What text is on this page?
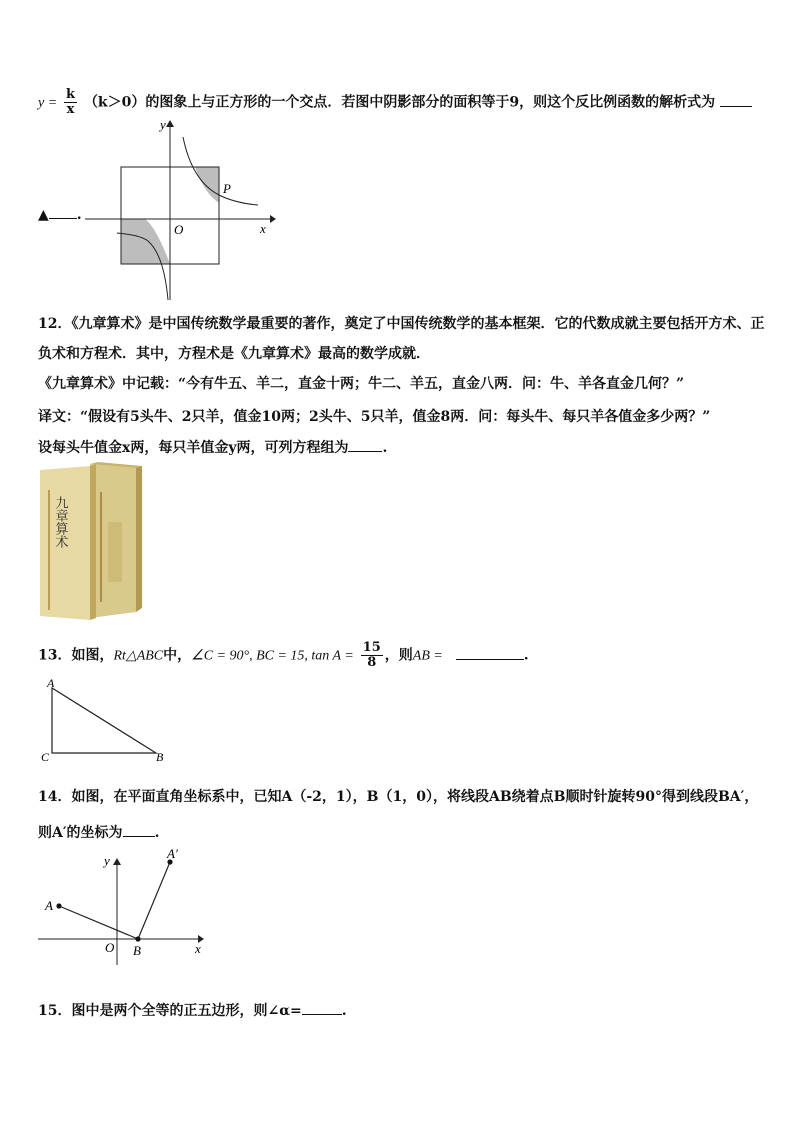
$y = \frac{k}{x} (k>0)$的图象上与正方形的一个交点．若图中阴影部分的面积等于9，则这个反比例函数的解析式为
▲ .
y
x
O
P
12．《九章算术》是中国传统数学最重要的著作，奠定了中国传统数学的基本框架．它的代数成就主要包括开方术、正
负术和方程术．其中，方程术是《九章算术》最高的数学成就．
《九章算术》中记载：“今有牛五、羊二，直金十两；牛二、羊五，直金八两．问：牛、羊各直金几何？”
译文：“假设有5头牛、2只羊，值金10两；2头牛、5只羊，值金8两．问：每头牛、每只羊各值金多少两？”
设每头牛值金x两，每只羊值金y两，可列方程组为 .
九章算术
13．如图，Rt△ABC中，∠C = 90°, BC = 15, $\tan A = \frac{15}{8}$ ，则AB =	.
A
C	B
14．如图，在平面直角坐标系中，已知A（-2，1），B（1，0），将线段AB绕着点B顺时针旋转90°得到线段BA′，
则A′的坐标为 .
y
x
O
A
B
A′
15．图中是两个全等的正五边形，则∠α=	.
